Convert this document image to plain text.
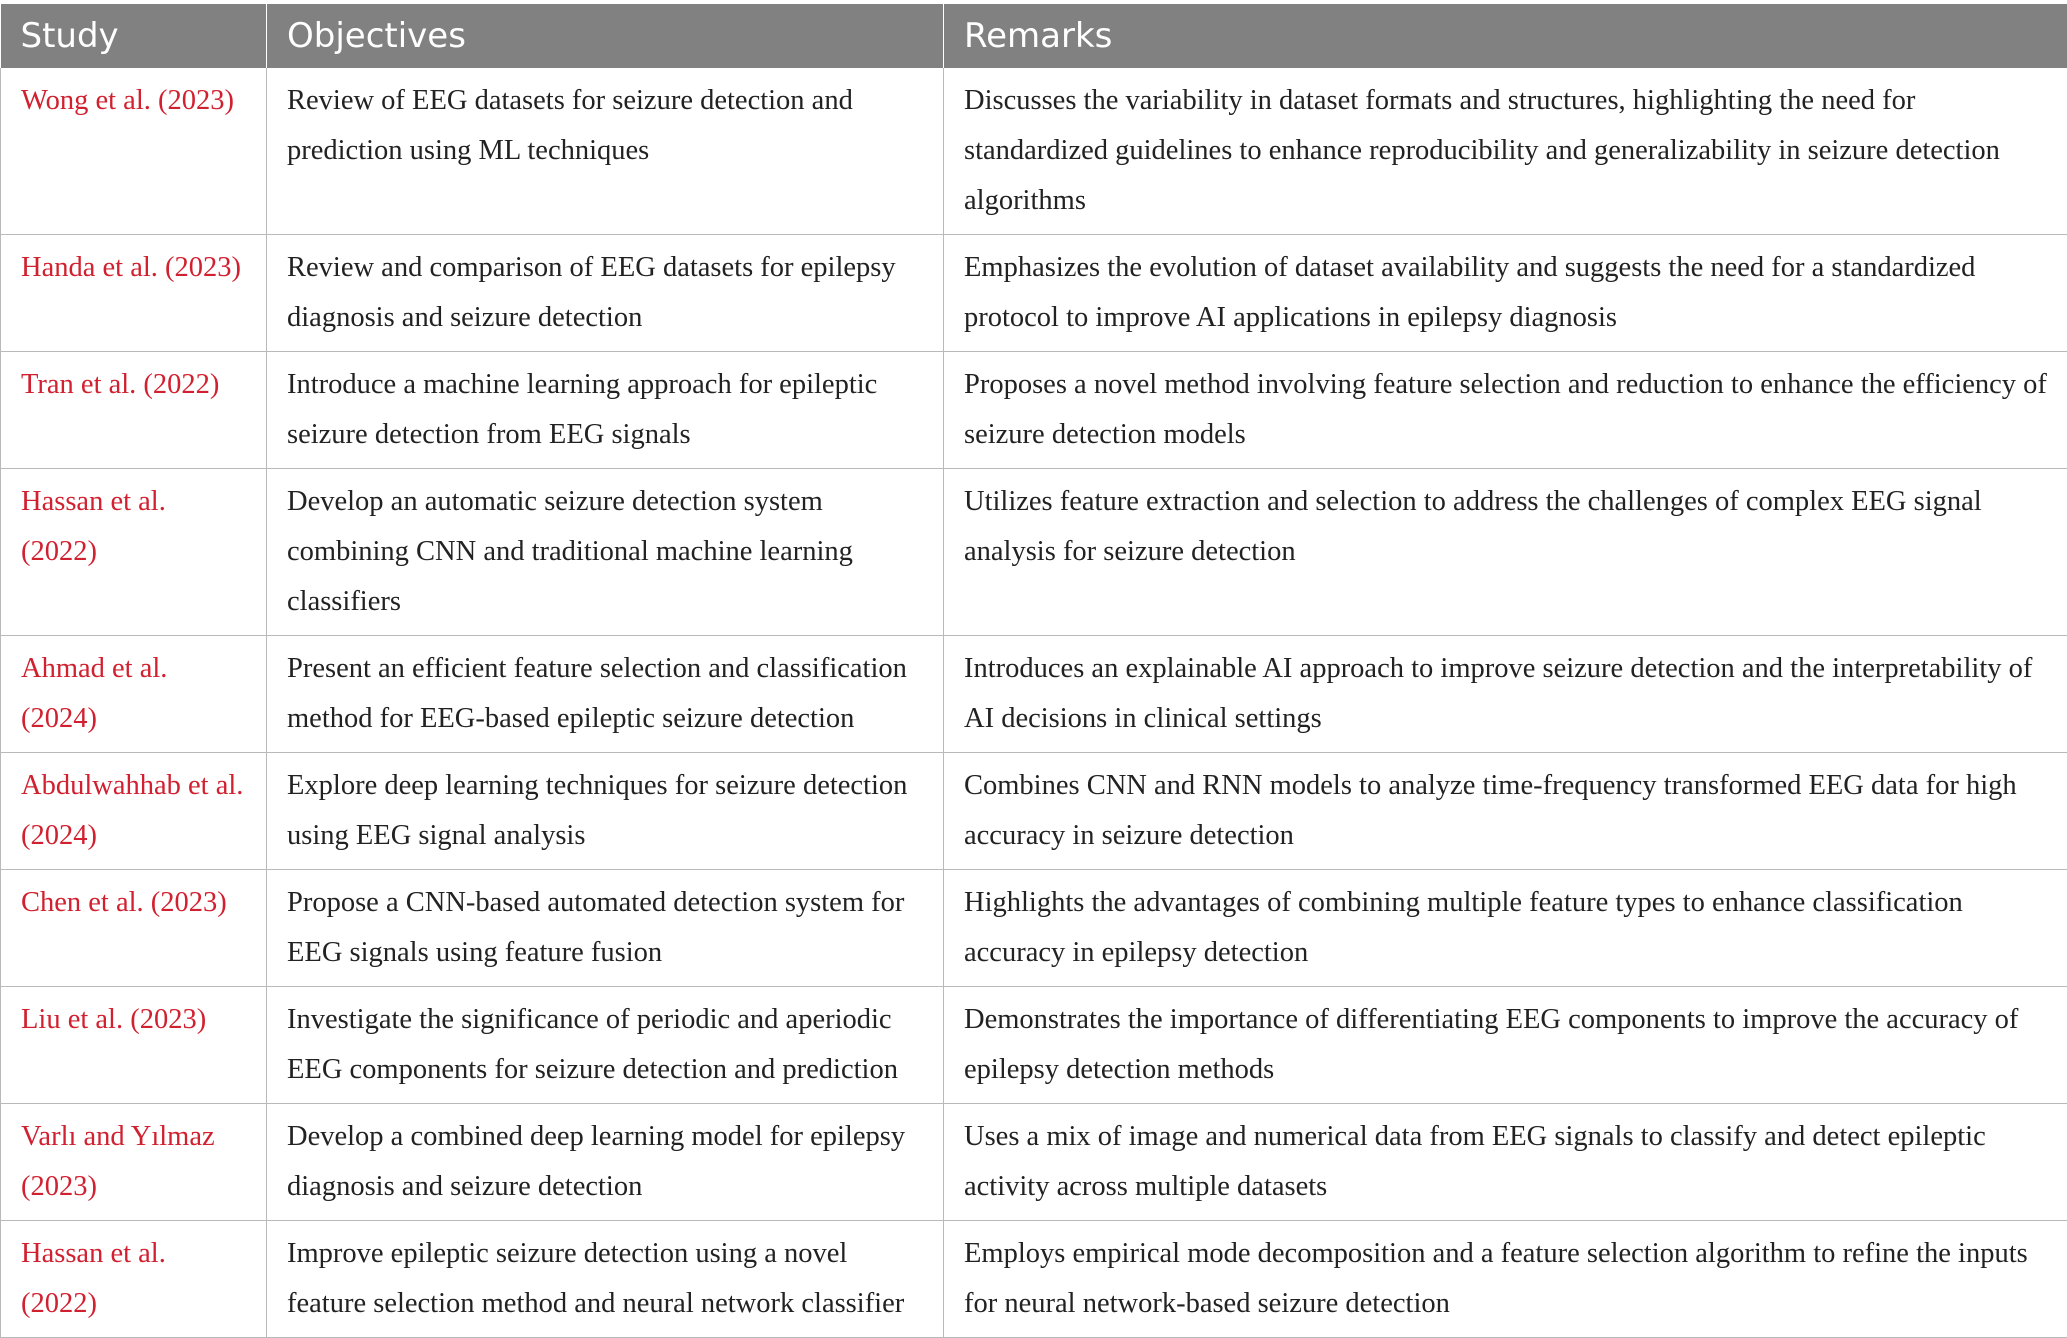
Study	Objectives	Remarks
Wong et al. (2023)	Review of EEG datasets for seizure detection and prediction using ML techniques	Discusses the variability in dataset formats and structures, highlighting the need for standardized guidelines to enhance reproducibility and generalizability in seizure detection algorithms
Handa et al. (2023)	Review and comparison of EEG datasets for epilepsy diagnosis and seizure detection	Emphasizes the evolution of dataset availability and suggests the need for a standardized protocol to improve AI applications in epilepsy diagnosis
Tran et al. (2022)	Introduce a machine learning approach for epileptic seizure detection from EEG signals	Proposes a novel method involving feature selection and reduction to enhance the efficiency of seizure detection models
Hassan et al. (2022)	Develop an automatic seizure detection system combining CNN and traditional machine learning classifiers	Utilizes feature extraction and selection to address the challenges of complex EEG signal analysis for seizure detection
Ahmad et al. (2024)	Present an efficient feature selection and classification method for EEG-based epileptic seizure detection	Introduces an explainable AI approach to improve seizure detection and the interpretability of AI decisions in clinical settings
Abdulwahhab et al. (2024)	Explore deep learning techniques for seizure detection using EEG signal analysis	Combines CNN and RNN models to analyze time-frequency transformed EEG data for high accuracy in seizure detection
Chen et al. (2023)	Propose a CNN-based automated detection system for EEG signals using feature fusion	Highlights the advantages of combining multiple feature types to enhance classification accuracy in epilepsy detection
Liu et al. (2023)	Investigate the significance of periodic and aperiodic EEG components for seizure detection and prediction	Demonstrates the importance of differentiating EEG components to improve the accuracy of epilepsy detection methods
Varlı and Yılmaz (2023)	Develop a combined deep learning model for epilepsy diagnosis and seizure detection	Uses a mix of image and numerical data from EEG signals to classify and detect epileptic activity across multiple datasets
Hassan et al. (2022)	Improve epileptic seizure detection using a novel feature selection method and neural network classifier	Employs empirical mode decomposition and a feature selection algorithm to refine the inputs for neural network-based seizure detection
